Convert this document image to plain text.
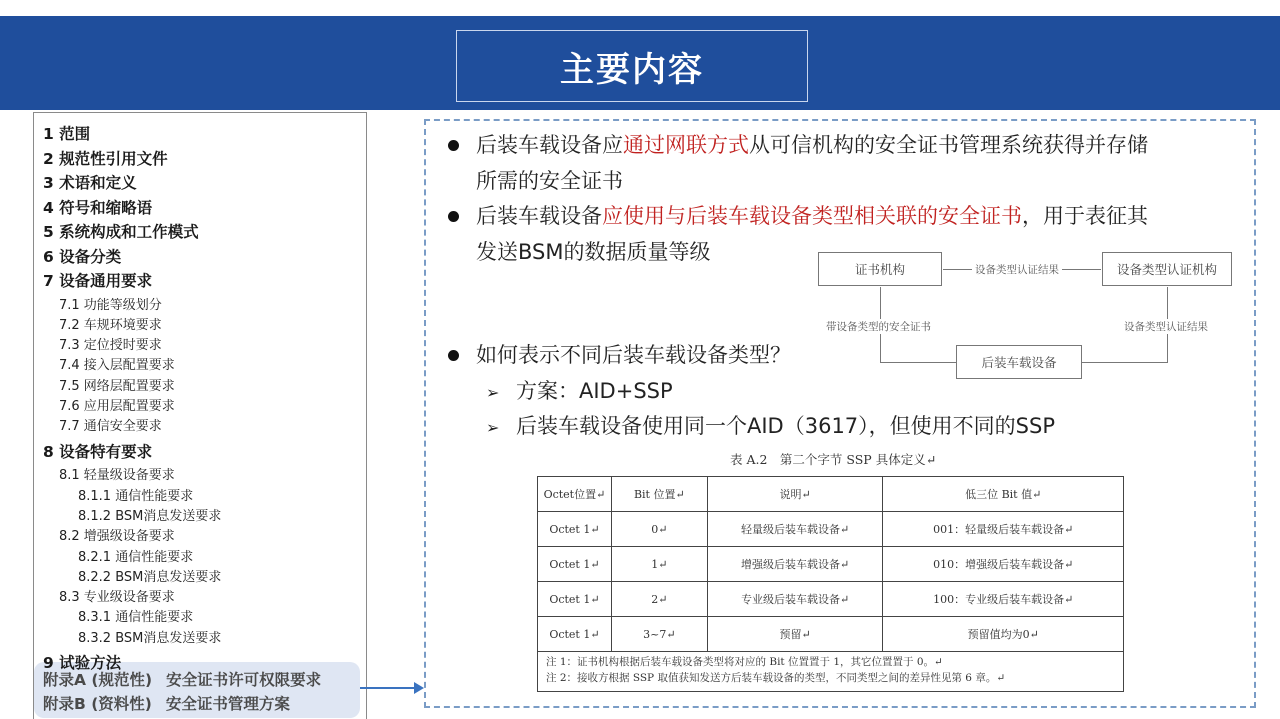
主要内容
1 范围
2 规范性引用文件
3 术语和定义
4 符号和缩略语
5 系统构成和工作模式
6 设备分类
7 设备通用要求
7.1 功能等级划分
7.2 车规环境要求
7.3 定位授时要求
7.4 接入层配置要求
7.5 网络层配置要求
7.6 应用层配置要求
7.7 通信安全要求
8 设备特有要求
8.1 轻量级设备要求
8.1.1 通信性能要求
8.1.2 BSM消息发送要求
8.2 增强级设备要求
8.2.1 通信性能要求
8.2.2 BSM消息发送要求
8.3 专业级设备要求
8.3.1 通信性能要求
8.3.2 BSM消息发送要求
9 试验方法
附录A (规范性) 安全证书许可权限要求
附录B (资料性) 安全证书管理方案
后装车载设备应通过网联方式从可信机构的安全证书管理系统获得并存储
所需的安全证书
后装车载设备应使用与后装车载设备类型相关联的安全证书，用于表征其
发送BSM的数据质量等级
如何表示不同后装车载设备类型？
➢ 方案：AID+SSP
➢ 后装车载设备使用同一个AID（3617），但使用不同的SSP
证书机构	设备类型认证机构
后装车载设备
设备类型认证结果
带设备类型的安全证书	设备类型认证结果
表 A.2　第二个字节 SSP 具体定义↵
Octet位置↵	Bit 位置↵	说明↵	低三位 Bit 值↵
Octet 1↵	0↵	轻量级后装车载设备↵	001：轻量级后装车载设备↵
Octet 1↵	1↵	增强级后装车载设备↵	010：增强级后装车载设备↵
Octet 1↵	2↵	专业级后装车载设备↵	100：专业级后装车载设备↵
Octet 1↵	3~7↵	预留↵	预留值均为0↵
注 1：证书机构根据后装车载设备类型将对应的 Bit 位置置于 1，其它位置置于 0。↵
注 2：接收方根据 SSP 取值获知发送方后装车载设备的类型，不同类型之间的差异性见第 6 章。↵
